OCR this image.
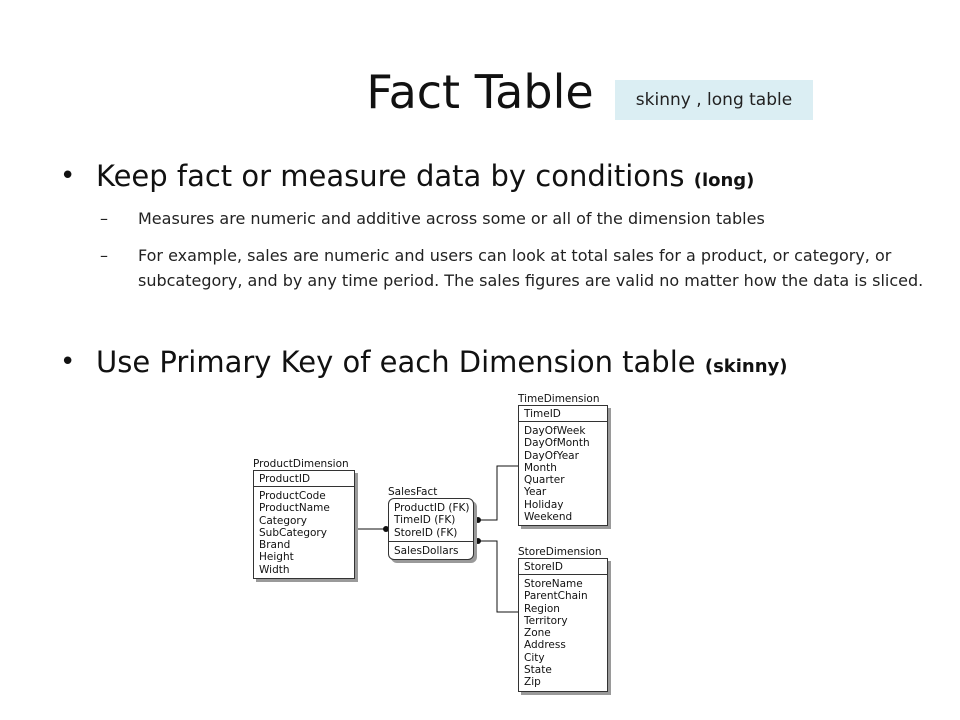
Fact Table	skinny , long table
• Keep fact or measure data by conditions (long)
– Measures are numeric and additive across some or all of the dimension tables
– For example, sales are numeric and users can look at total sales for a product, or category, or subcategory, and by any time period. The sales figures are valid no matter how the data is sliced.
• Use Primary Key of each Dimension table (skinny)
ProductDimension
ProductID
ProductCode
ProductName
Category
SubCategory
Brand
Height
Width
SalesFact
ProductID (FK)
TimeID (FK)
StoreID (FK)
SalesDollars
TimeDimension
TimeID
DayOfWeek
DayOfMonth
DayOfYear
Month
Quarter
Year
Holiday
Weekend
StoreDimension
StoreID
StoreName
ParentChain
Region
Territory
Zone
Address
City
State
Zip
